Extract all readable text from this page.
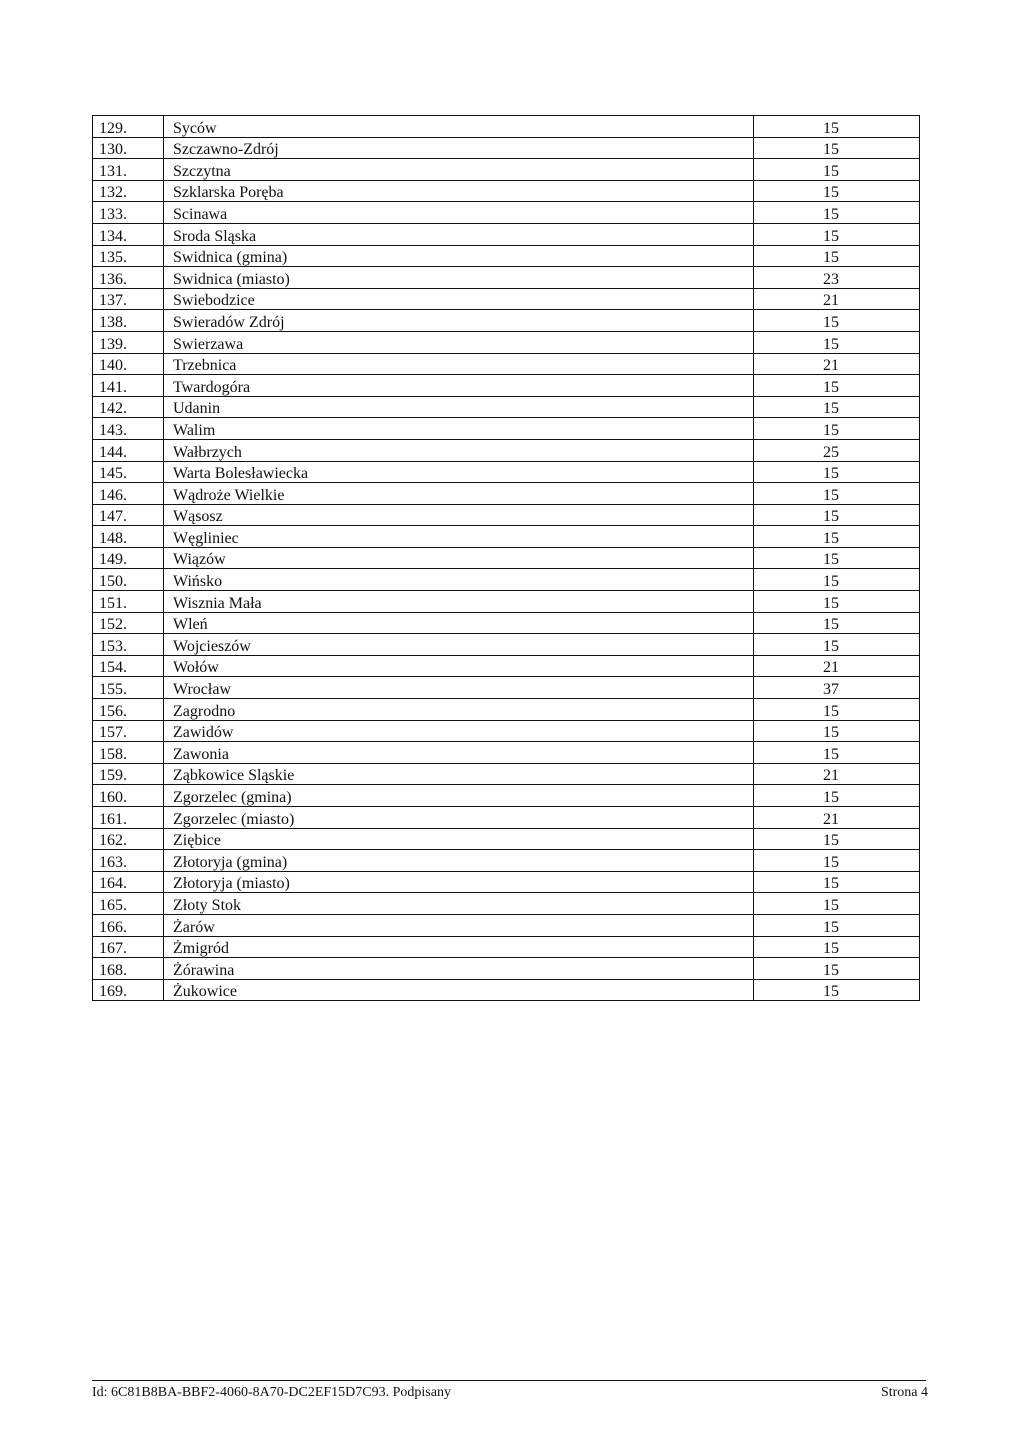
129.	Syców	15
130.	Szczawno-Zdrój	15
131.	Szczytna	15
132.	Szklarska Poręba	15
133.	Scinawa	15
134.	Sroda Sląska	15
135.	Swidnica (gmina)	15
136.	Swidnica (miasto)	23
137.	Swiebodzice	21
138.	Swieradów Zdrój	15
139.	Swierzawa	15
140.	Trzebnica	21
141.	Twardogóra	15
142.	Udanin	15
143.	Walim	15
144.	Wałbrzych	25
145.	Warta Bolesławiecka	15
146.	Wądroże Wielkie	15
147.	Wąsosz	15
148.	Węgliniec	15
149.	Wiązów	15
150.	Wińsko	15
151.	Wisznia Mała	15
152.	Wleń	15
153.	Wojcieszów	15
154.	Wołów	21
155.	Wrocław	37
156.	Zagrodno	15
157.	Zawidów	15
158.	Zawonia	15
159.	Ząbkowice Sląskie	21
160.	Zgorzelec (gmina)	15
161.	Zgorzelec (miasto)	21
162.	Ziębice	15
163.	Złotoryja (gmina)	15
164.	Złotoryja (miasto)	15
165.	Złoty Stok	15
166.	Żarów	15
167.	Żmigród	15
168.	Żórawina	15
169.	Żukowice	15
Id: 6C81B8BA-BBF2-4060-8A70-DC2EF15D7C93. Podpisany	Strona 4
